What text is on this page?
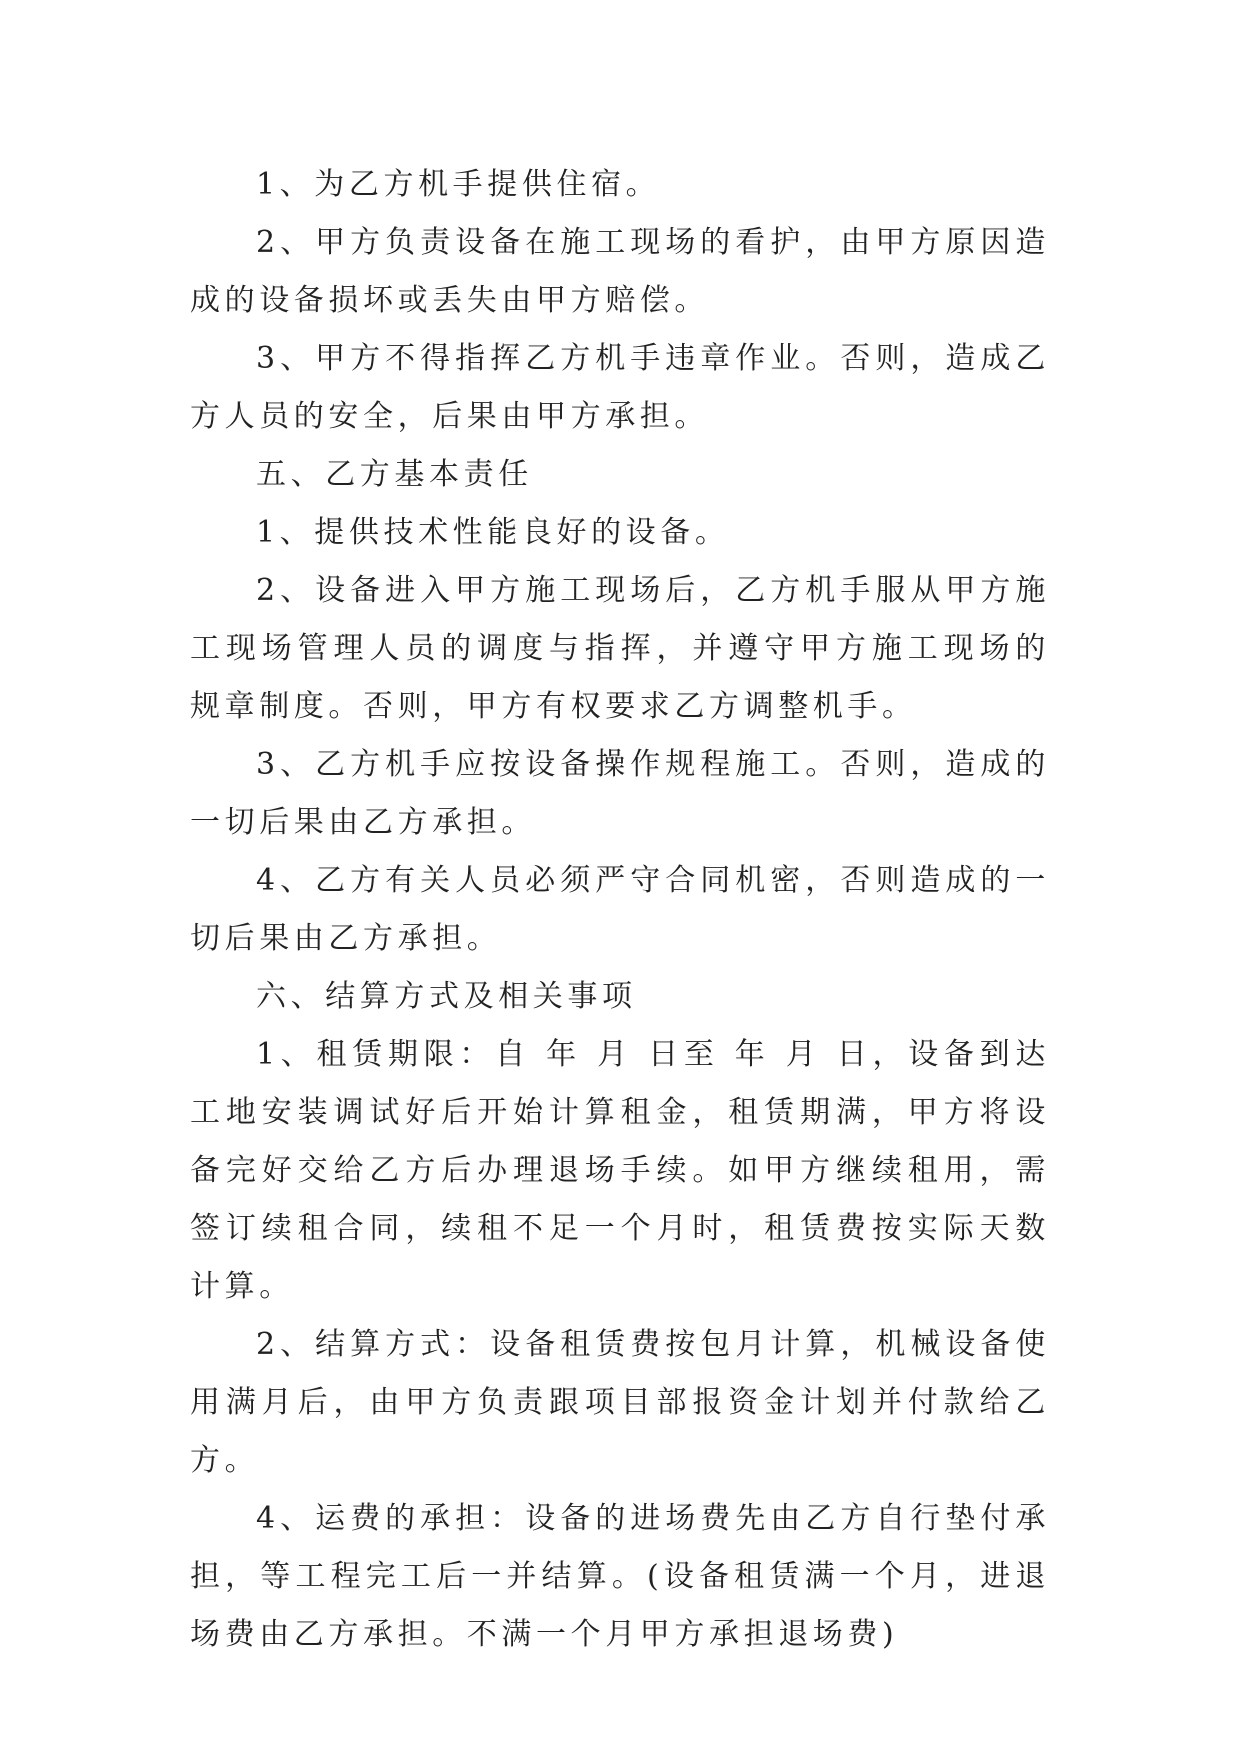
1、为乙方机手提供住宿。

2、甲方负责设备在施工现场的看护，由甲方原因造成的设备损坏或丢失由甲方赔偿。

3、甲方不得指挥乙方机手违章作业。否则，造成乙方人员的安全，后果由甲方承担。

五、乙方基本责任

1、提供技术性能良好的设备。

2、设备进入甲方施工现场后，乙方机手服从甲方施工现场管理人员的调度与指挥，并遵守甲方施工现场的规章制度。否则，甲方有权要求乙方调整机手。

3、乙方机手应按设备操作规程施工。否则，造成的一切后果由乙方承担。

4、乙方有关人员必须严守合同机密，否则造成的一切后果由乙方承担。

六、结算方式及相关事项

1、租赁期限：自 年 月 日至 年 月 日，设备到达工地安装调试好后开始计算租金，租赁期满，甲方将设备完好交给乙方后办理退场手续。如甲方继续租用，需签订续租合同，续租不足一个月时，租赁费按实际天数计算。

2、结算方式：设备租赁费按包月计算，机械设备使用满月后，由甲方负责跟项目部报资金计划并付款给乙方。

4、运费的承担：设备的进场费先由乙方自行垫付承担，等工程完工后一并结算。(设备租赁满一个月，进退场费由乙方承担。不满一个月甲方承担退场费)
